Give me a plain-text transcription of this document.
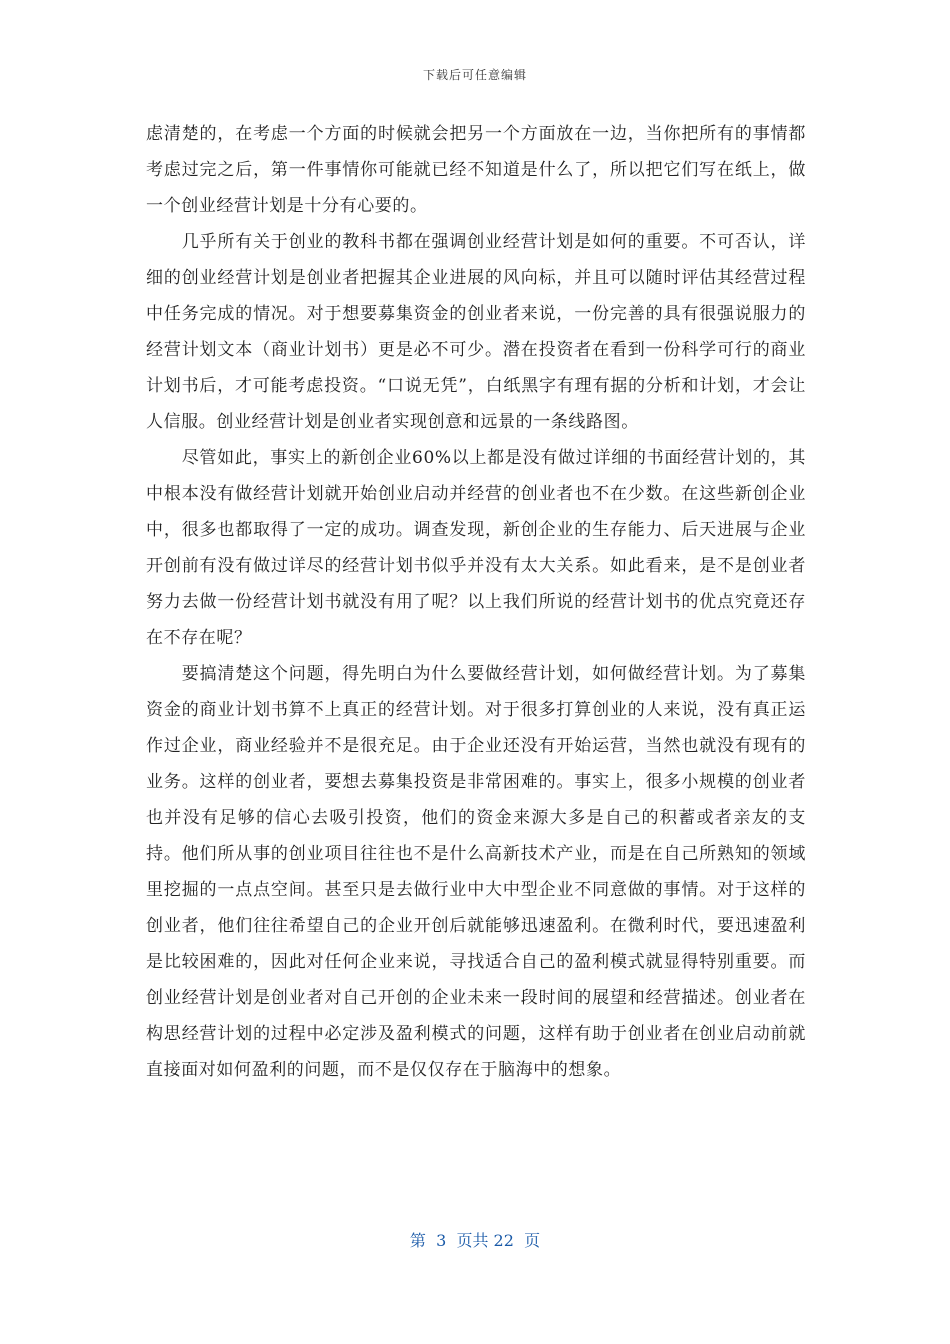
下载后可任意编辑

虑清楚的，在考虑一个方面的时候就会把另一个方面放在一边，当你把所有的事情都考虑过完之后，第一件事情你可能就已经不知道是什么了，所以把它们写在纸上，做一个创业经营计划是十分有心要的。

几乎所有关于创业的教科书都在强调创业经营计划是如何的重要。不可否认，详细的创业经营计划是创业者把握其企业进展的风向标，并且可以随时评估其经营过程中任务完成的情况。对于想要募集资金的创业者来说，一份完善的具有很强说服力的经营计划文本（商业计划书）更是必不可少。潜在投资者在看到一份科学可行的商业计划书后，才可能考虑投资。“口说无凭”，白纸黑字有理有据的分析和计划，才会让人信服。创业经营计划是创业者实现创意和远景的一条线路图。

尽管如此，事实上的新创企业60%以上都是没有做过详细的书面经营计划的，其中根本没有做经营计划就开始创业启动并经营的创业者也不在少数。在这些新创企业中，很多也都取得了一定的成功。调查发现，新创企业的生存能力、后天进展与企业开创前有没有做过详尽的经营计划书似乎并没有太大关系。如此看来，是不是创业者努力去做一份经营计划书就没有用了呢？以上我们所说的经营计划书的优点究竟还存在不存在呢？

要搞清楚这个问题，得先明白为什么要做经营计划，如何做经营计划。为了募集资金的商业计划书算不上真正的经营计划。对于很多打算创业的人来说，没有真正运作过企业，商业经验并不是很充足。由于企业还没有开始运营，当然也就没有现有的业务。这样的创业者，要想去募集投资是非常困难的。事实上，很多小规模的创业者也并没有足够的信心去吸引投资，他们的资金来源大多是自己的积蓄或者亲友的支持。他们所从事的创业项目往往也不是什么高新技术产业，而是在自己所熟知的领域里挖掘的一点点空间。甚至只是去做行业中大中型企业不同意做的事情。对于这样的创业者，他们往往希望自己的企业开创后就能够迅速盈利。在微利时代，要迅速盈利是比较困难的，因此对任何企业来说，寻找适合自己的盈利模式就显得特别重要。而创业经营计划是创业者对自己开创的企业未来一段时间的展望和经营描述。创业者在构思经营计划的过程中必定涉及盈利模式的问题，这样有助于创业者在创业启动前就直接面对如何盈利的问题，而不是仅仅存在于脑海中的想象。

第  3  页共 22  页
